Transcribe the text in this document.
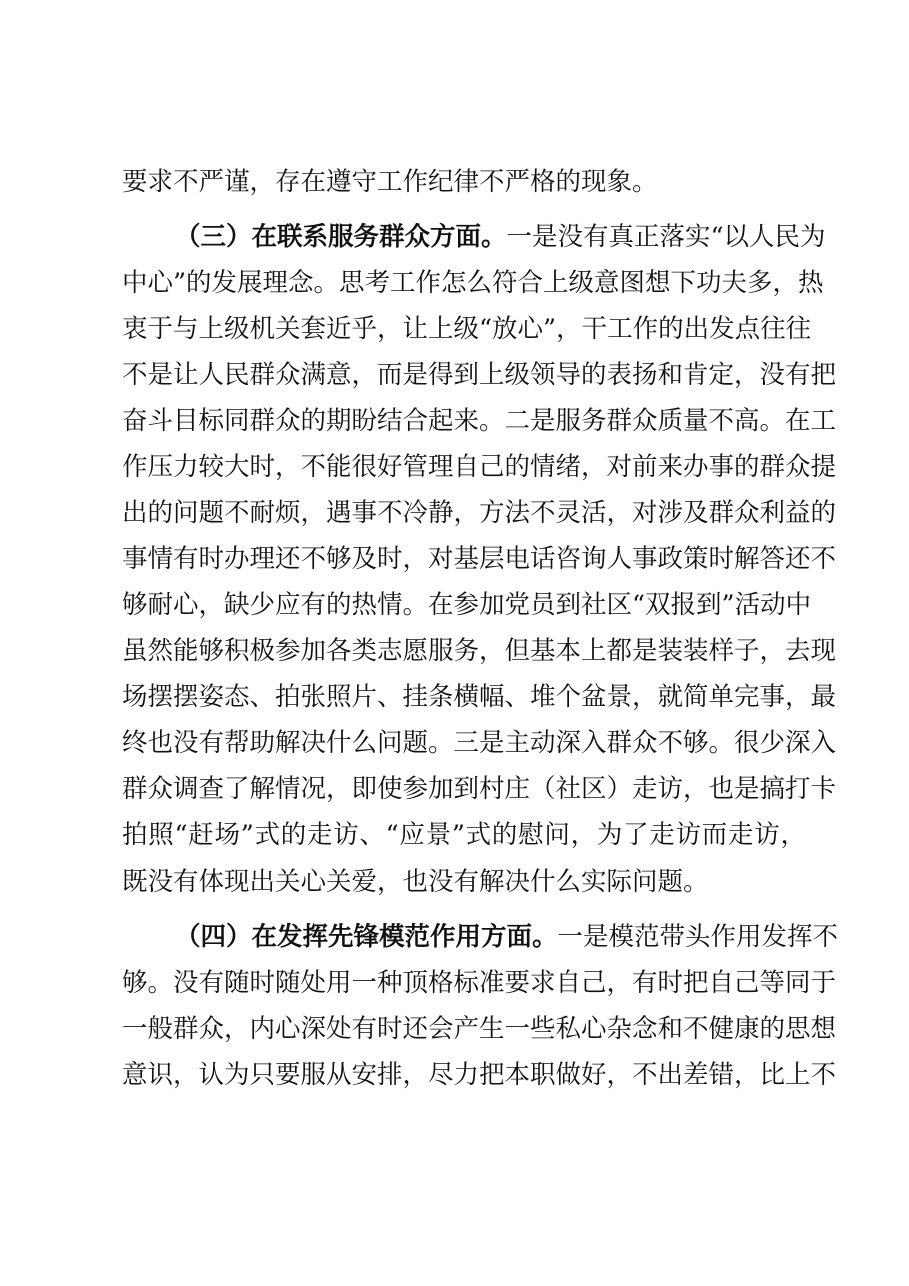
要求不严谨，存在遵守工作纪律不严格的现象。

（三）在联系服务群众方面。一是没有真正落实“以人民为

中心”的发展理念。思考工作怎么符合上级意图想下功夫多，热

衷于与上级机关套近乎，让上级“放心”，干工作的出发点往往

不是让人民群众满意，而是得到上级领导的表扬和肯定，没有把

奋斗目标同群众的期盼结合起来。二是服务群众质量不高。在工

作压力较大时，不能很好管理自己的情绪，对前来办事的群众提

出的问题不耐烦，遇事不冷静，方法不灵活，对涉及群众利益的

事情有时办理还不够及时，对基层电话咨询人事政策时解答还不

够耐心，缺少应有的热情。在参加党员到社区“双报到”活动中

虽然能够积极参加各类志愿服务，但基本上都是装装样子，去现

场摆摆姿态、拍张照片、挂条横幅、堆个盆景，就简单完事，最

终也没有帮助解决什么问题。三是主动深入群众不够。很少深入

群众调查了解情况，即使参加到村庄（社区）走访，也是搞打卡

拍照“赶场”式的走访、“应景”式的慰问，为了走访而走访，

既没有体现出关心关爱，也没有解决什么实际问题。

（四）在发挥先锋模范作用方面。一是模范带头作用发挥不

够。没有随时随处用一种顶格标准要求自己，有时把自己等同于

一般群众，内心深处有时还会产生一些私心杂念和不健康的思想

意识，认为只要服从安排，尽力把本职做好，不出差错，比上不
